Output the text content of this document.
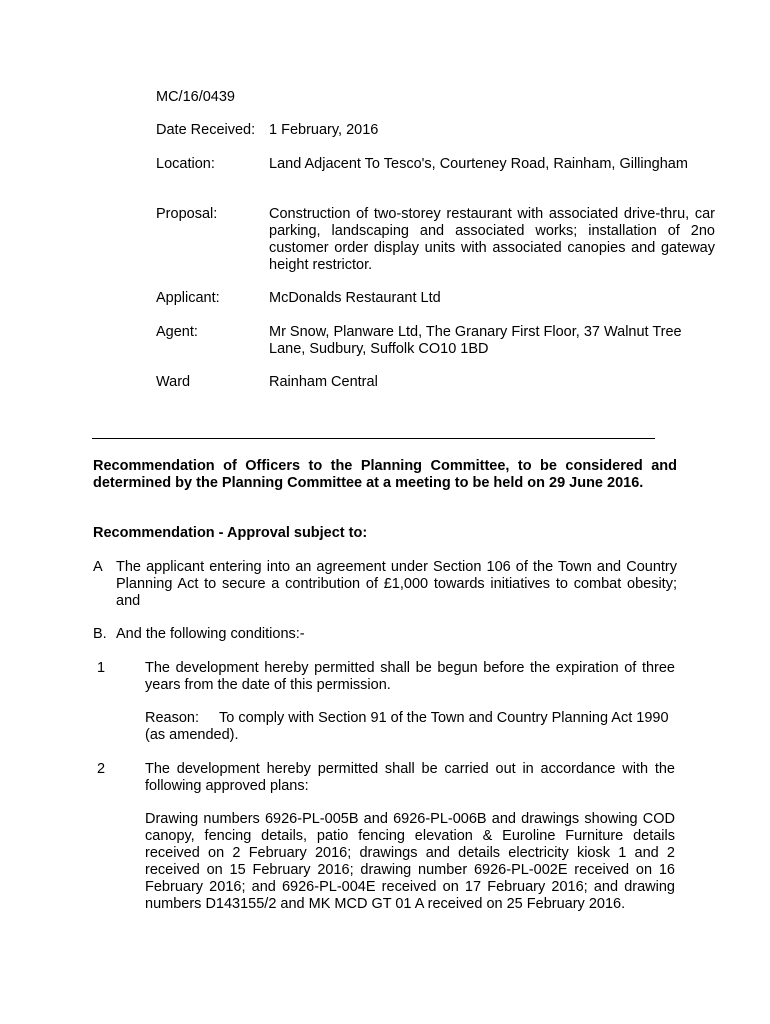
MC/16/0439
Date Received: 1 February, 2016
Location:	Land Adjacent To Tesco's, Courteney Road, Rainham, Gillingham
Proposal:	Construction of two-storey restaurant with associated drive-thru, car parking, landscaping and associated works; installation of 2no customer order display units with associated canopies and gateway height restrictor.
Applicant:	McDonalds Restaurant Ltd
Agent:	Mr Snow, Planware Ltd, The Granary First Floor, 37 Walnut Tree Lane, Sudbury, Suffolk CO10 1BD
Ward	Rainham Central
Recommendation of Officers to the Planning Committee, to be considered and determined by the Planning Committee at a meeting to be held on 29 June 2016.
Recommendation - Approval subject to:
A The applicant entering into an agreement under Section 106 of the Town and Country Planning Act to secure a contribution of £1,000 towards initiatives to combat obesity; and
B. And the following conditions:-
1	The development hereby permitted shall be begun before the expiration of three years from the date of this permission.
Reason:	To comply with Section 91 of the Town and Country Planning Act 1990 (as amended).
2	The development hereby permitted shall be carried out in accordance with the following approved plans:
Drawing numbers 6926-PL-005B and 6926-PL-006B and drawings showing COD canopy, fencing details, patio fencing elevation & Euroline Furniture details received on 2 February 2016; drawings and details electricity kiosk 1 and 2 received on 15 February 2016; drawing number 6926-PL-002E received on 16 February 2016; and 6926-PL-004E received on 17 February 2016; and drawing numbers D143155/2 and MK MCD GT 01 A received on 25 February 2016.
